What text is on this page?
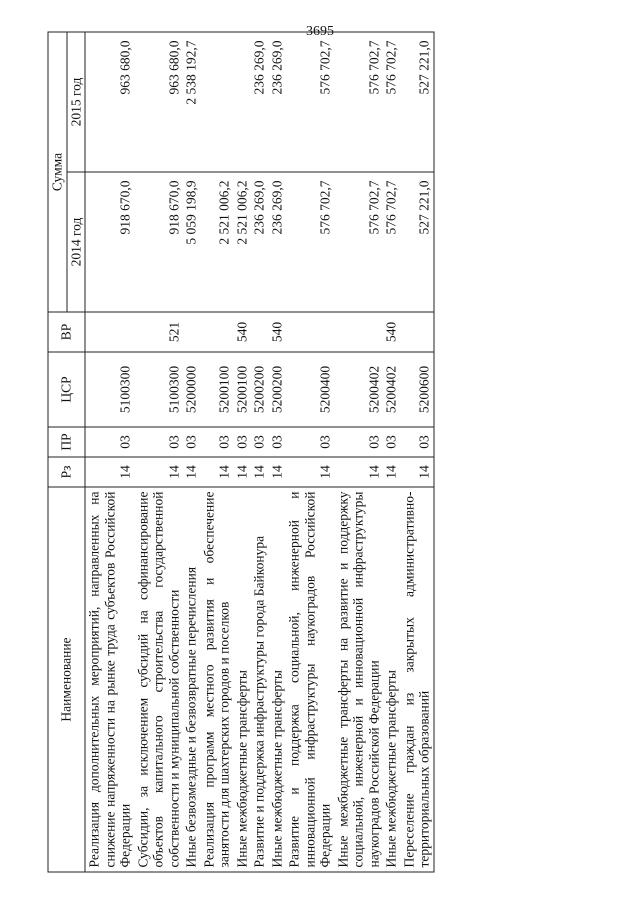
3695
Наименование	Рз	ПР	ЦСР	ВР	Сумма	
					2014 год	2015 год
Реализация дополнительных мероприятий, направленных на снижение напряженности на рынке труда субъектов Российской Федерации	14	03	5100300		918 670,0	963 680,0
Субсидии, за исключением субсидий на софинансирование объектов капитального строительства государственной собственности и муниципальной собственности	14	03	5100300	521	918 670,0	963 680,0
Иные безвозмездные и безвозвратные перечисления	14	03	5200000		5 059 198,9	2 538 192,7
Реализация программ местного развития и обеспечение занятости для шахтерских городов и поселков	14	03	5200100		2 521 006,2	
Иные межбюджетные трансферты	14	03	5200100	540	2 521 006,2	
Развитие и поддержка инфраструктуры города Байконура	14	03	5200200		236 269,0	236 269,0
Иные межбюджетные трансферты	14	03	5200200	540	236 269,0	236 269,0
Развитие и поддержка социальной, инженерной и инновационной инфраструктуры наукоградов Российской Федерации	14	03	5200400		576 702,7	576 702,7
Иные межбюджетные трансферты на развитие и поддержку социальной, инженерной и инновационной инфраструктуры наукоградов Российской Федерации	14	03	5200402		576 702,7	576 702,7
Иные межбюджетные трансферты	14	03	5200402	540	576 702,7	576 702,7
Переселение граждан из закрытых административно-территориальных образований	14	03	5200600		527 221,0	527 221,0
